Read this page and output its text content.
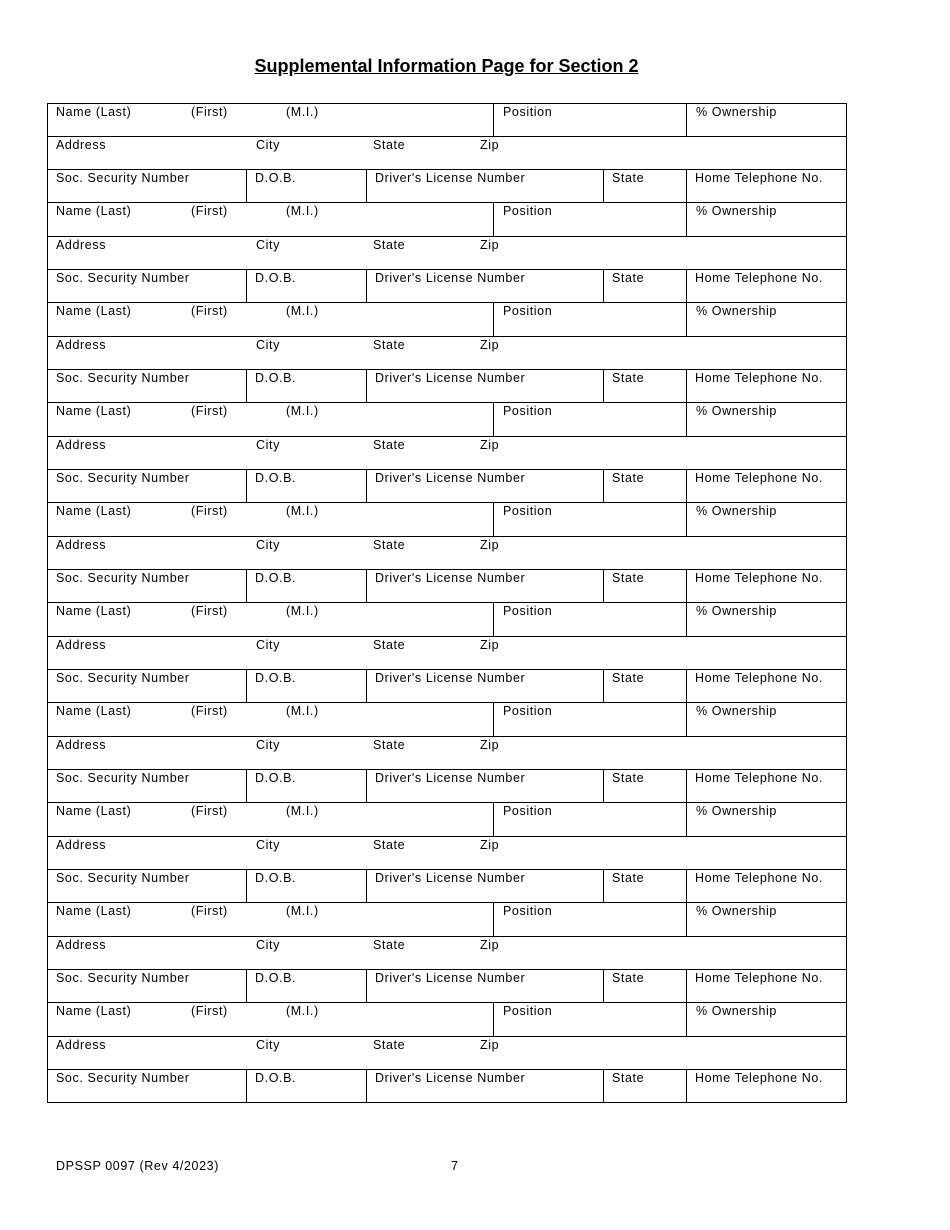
Supplemental Information Page for Section 2
Name (Last)	(First)	(M.I.)	Position	% Ownership
Address	City	State	Zip
Soc. Security Number	D.O.B.	Driver's License Number	State	Home Telephone No.
Name (Last)	(First)	(M.I.)	Position	% Ownership
Address	City	State	Zip
Soc. Security Number	D.O.B.	Driver's License Number	State	Home Telephone No.
Name (Last)	(First)	(M.I.)	Position	% Ownership
Address	City	State	Zip
Soc. Security Number	D.O.B.	Driver's License Number	State	Home Telephone No.
Name (Last)	(First)	(M.I.)	Position	% Ownership
Address	City	State	Zip
Soc. Security Number	D.O.B.	Driver's License Number	State	Home Telephone No.
Name (Last)	(First)	(M.I.)	Position	% Ownership
Address	City	State	Zip
Soc. Security Number	D.O.B.	Driver's License Number	State	Home Telephone No.
Name (Last)	(First)	(M.I.)	Position	% Ownership
Address	City	State	Zip
Soc. Security Number	D.O.B.	Driver's License Number	State	Home Telephone No.
Name (Last)	(First)	(M.I.)	Position	% Ownership
Address	City	State	Zip
Soc. Security Number	D.O.B.	Driver's License Number	State	Home Telephone No.
Name (Last)	(First)	(M.I.)	Position	% Ownership
Address	City	State	Zip
Soc. Security Number	D.O.B.	Driver's License Number	State	Home Telephone No.
Name (Last)	(First)	(M.I.)	Position	% Ownership
Address	City	State	Zip
Soc. Security Number	D.O.B.	Driver's License Number	State	Home Telephone No.
Name (Last)	(First)	(M.I.)	Position	% Ownership
Address	City	State	Zip
Soc. Security Number	D.O.B.	Driver's License Number	State	Home Telephone No.
DPSSP 0097 (Rev 4/2023)	7
